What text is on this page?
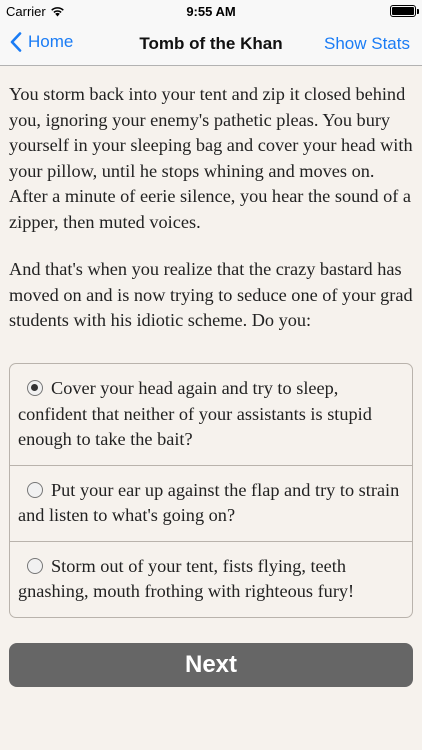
Carrier	9:55 AM
Home	Tomb of the Khan	Show Stats

You storm back into your tent and zip it closed behind you, ignoring your enemy's pathetic pleas. You bury yourself in your sleeping bag and cover your head with your pillow, until he stops whining and moves on. After a minute of eerie silence, you hear the sound of a zipper, then muted voices.

And that's when you realize that the crazy bastard has moved on and is now trying to seduce one of your grad students with his idiotic scheme. Do you:

Cover your head again and try to sleep, confident that neither of your assistants is stupid enough to take the bait?
Put your ear up against the flap and try to strain and listen to what's going on?
Storm out of your tent, fists flying, teeth gnashing, mouth frothing with righteous fury!
Next
